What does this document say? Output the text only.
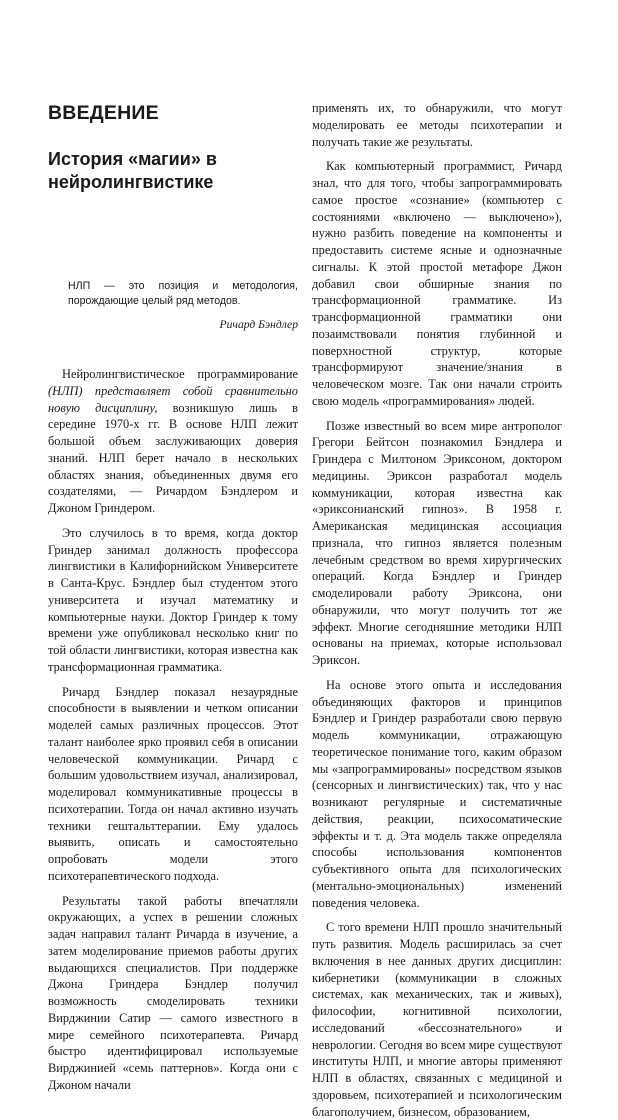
ВВЕДЕНИЕ
История «магии» в нейролингвистике
НЛП — это позиция и методология, порождающие целый ряд методов.
Ричард Бэндлер

Нейролингвистическое программирование (НЛП) представляет собой сравнительно новую дисциплину, возникшую лишь в середине 1970-х гг. В основе НЛП лежит большой объем заслуживающих доверия знаний. НЛП берет начало в нескольких областях знания, объединенных двумя его создателями, — Ричардом Бэндлером и Джоном Гриндером.

Это случилось в то время, когда доктор Гриндер занимал должность профессора лингвистики в Калифорнийском Университете в Санта-Крус. Бэндлер был студентом этого университета и изучал математику и компьютерные науки. Доктор Гриндер к тому времени уже опубликовал несколько книг по той области лингвистики, которая известна как трансформационная грамматика.

Ричард Бэндлер показал незаурядные способности в выявлении и четком описании моделей самых различных процессов. Этот талант наиболее ярко проявил себя в описании человеческой коммуникации. Ричард с большим удовольствием изучал, анализировал, моделировал коммуникативные процессы в психотерапии. Тогда он начал активно изучать техники гештальттерапии. Ему удалось выявить, описать и самостоятельно опробовать модели этого психотерапевтического подхода.

Результаты такой работы впечатляли окружающих, а успех в решении сложных задач направил талант Ричарда в изучение, а затем моделирование приемов работы других выдающихся специалистов. При поддержке Джона Гриндера Бэндлер получил возможность смоделировать техники Вирджинии Сатир — самого известного в мире семейного психотерапевта. Ричард быстро идентифицировал используемые Вирджинией «семь паттернов». Когда они с Джоном начали

применять их, то обнаружили, что могут моделировать ее методы психотерапии и получать такие же результаты.

Как компьютерный программист, Ричард знал, что для того, чтобы запрограммировать самое простое «сознание» (компьютер с состояниями «включено — выключено»), нужно разбить поведение на компоненты и предоставить системе ясные и однозначные сигналы. К этой простой метафоре Джон добавил свои обширные знания по трансформационной грамматике. Из трансформационной грамматики они позаимствовали понятия глубинной и поверхностной структур, которые трансформируют значение/знания в человеческом мозге. Так они начали строить свою модель «программирования» людей.

Позже известный во всем мире антрополог Грегори Бейтсон познакомил Бэндлера и Гриндера с Милтоном Эриксоном, доктором медицины. Эриксон разработал модель коммуникации, которая известна как «эриксонианский гипноз». В 1958 г. Американская медицинская ассоциация признала, что гипноз является полезным лечебным средством во время хирургических операций. Когда Бэндлер и Гриндер смоделировали работу Эриксона, они обнаружили, что могут получить тот же эффект. Многие сегодняшние методики НЛП основаны на приемах, которые использовал Эриксон.

На основе этого опыта и исследования объединяющих факторов и принципов Бэндлер и Гриндер разработали свою первую модель коммуникации, отражающую теоретическое понимание того, каким образом мы «запрограммированы» посредством языков (сенсорных и лингвистических) так, что у нас возникают регулярные и систематичные действия, реакции, психосоматические эффекты и т. д. Эта модель также определяла способы использования компонентов субъективного опыта для психологических (ментально-эмоциональных) изменений поведения человека.

С того времени НЛП прошло значительный путь развития. Модель расширилась за счет включения в нее данных других дисциплин: кибернетики (коммуникации в сложных системах, как механических, так и живых), философии, когнитивной психологии, исследований «бессознательного» и неврологии. Сегодня во всем мире существуют институты НЛП, и многие авторы применяют НЛП в областях, связанных с медициной и здоровьем, психотерапией и психологическим благополучием, бизнесом, образованием,
